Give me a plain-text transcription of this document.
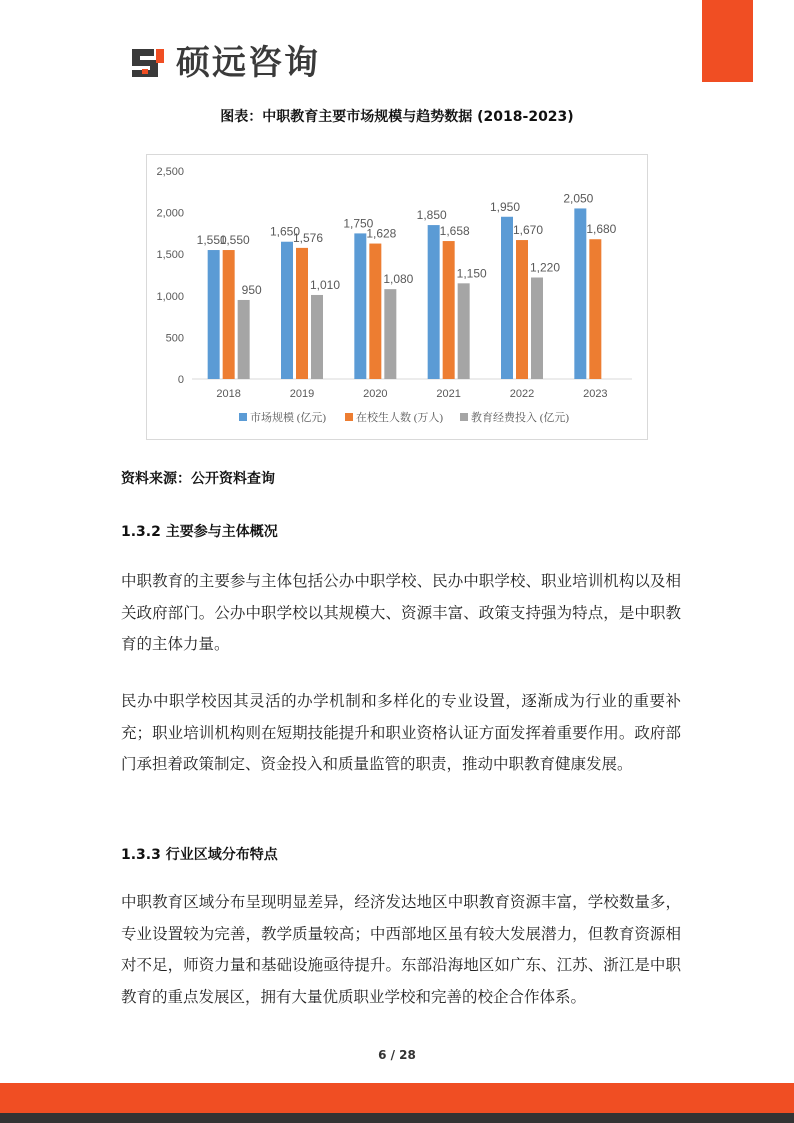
硕远咨询
图表：中职教育主要市场规模与趋势数据 (2018-2023)
0
500
1,000
1,500
2,000
2,500
2018
1,550
1,550
950
2019
1,650
1,576
1,010
2020
1,750
1,628
1,080
2021
1,850
1,658
1,150
2022
1,950
1,670
1,220
2023
2,050
1,680
市场规模 (亿元)	在校生人数 (万人)	教育经费投入 (亿元)
资料来源：公开资料查询
1.3.2 主要参与主体概况
中职教育的主要参与主体包括公办中职学校、民办中职学校、职业培训机构以及相关政府部门。公办中职学校以其规模大、资源丰富、政策支持强为特点，是中职教育的主体力量。
民办中职学校因其灵活的办学机制和多样化的专业设置，逐渐成为行业的重要补充；职业培训机构则在短期技能提升和职业资格认证方面发挥着重要作用。政府部门承担着政策制定、资金投入和质量监管的职责，推动中职教育健康发展。
1.3.3 行业区域分布特点
中职教育区域分布呈现明显差异，经济发达地区中职教育资源丰富，学校数量多，专业设置较为完善，教学质量较高；中西部地区虽有较大发展潜力，但教育资源相对不足，师资力量和基础设施亟待提升。东部沿海地区如广东、江苏、浙江是中职教育的重点发展区，拥有大量优质职业学校和完善的校企合作体系。
6 / 28
